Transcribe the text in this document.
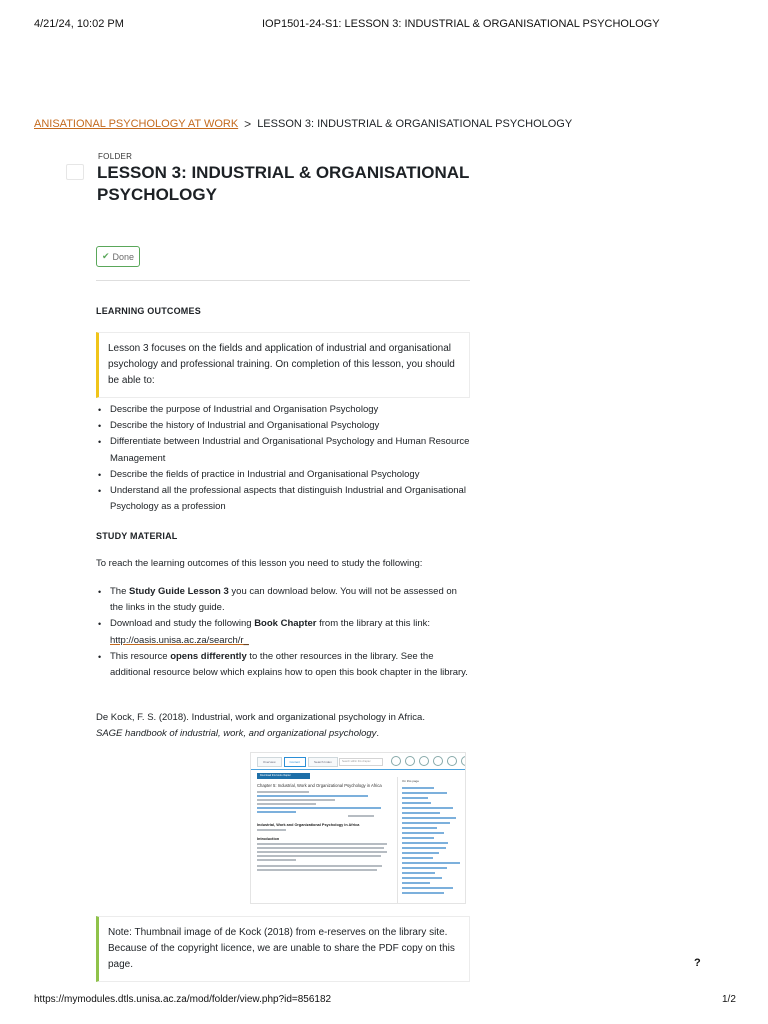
4/21/24, 10:02 PM	IOP1501-24-S1: LESSON 3: INDUSTRIAL & ORGANISATIONAL PSYCHOLOGY
ANISATIONAL PSYCHOLOGY AT WORK > LESSON 3: INDUSTRIAL & ORGANISATIONAL PSYCHOLOGY
FOLDER
LESSON 3: INDUSTRIAL & ORGANISATIONAL PSYCHOLOGY
✔ Done
LEARNING OUTCOMES
Lesson 3 focuses on the fields and application of industrial and organisational psychology and professional training. On completion of this lesson, you should be able to:
• Describe the purpose of Industrial and Organisation Psychology
• Describe the history of Industrial and Organisational Psychology
• Differentiate between Industrial and Organisational Psychology and Human Resource Management
• Describe the fields of practice in Industrial and Organisational Psychology
• Understand all the professional aspects that distinguish Industrial and Organisational Psychology as a profession
STUDY MATERIAL
To reach the learning outcomes of this lesson you need to study the following:
• The Study Guide Lesson 3 you can download below. You will not be assessed on the links in the study guide.
• Download and study the following Book Chapter from the library at this link: http://oasis.unisa.ac.za/search/r_
• This resource opens differently to the other resources in the library. See the additional resource below which explains how to open this book chapter in the library.
De Kock, F. S. (2018). Industrial, work and organizational psychology in Africa. SAGE handbook of industrial, work, and organizational psychology.
Overview	Content	Search Index	Search within this chapter
Download this book chapter
Chapter 5: Industrial, Work and Organizational Psychology in Africa
Industrial, Work and Organizational Psychology in Africa
Introduction
On this page
Note: Thumbnail image of de Kock (2018) from e-reserves on the library site. Because of the copyright licence, we are unable to share the PDF copy on this page.	?
https://mymodules.dtls.unisa.ac.za/mod/folder/view.php?id=856182	1/2
